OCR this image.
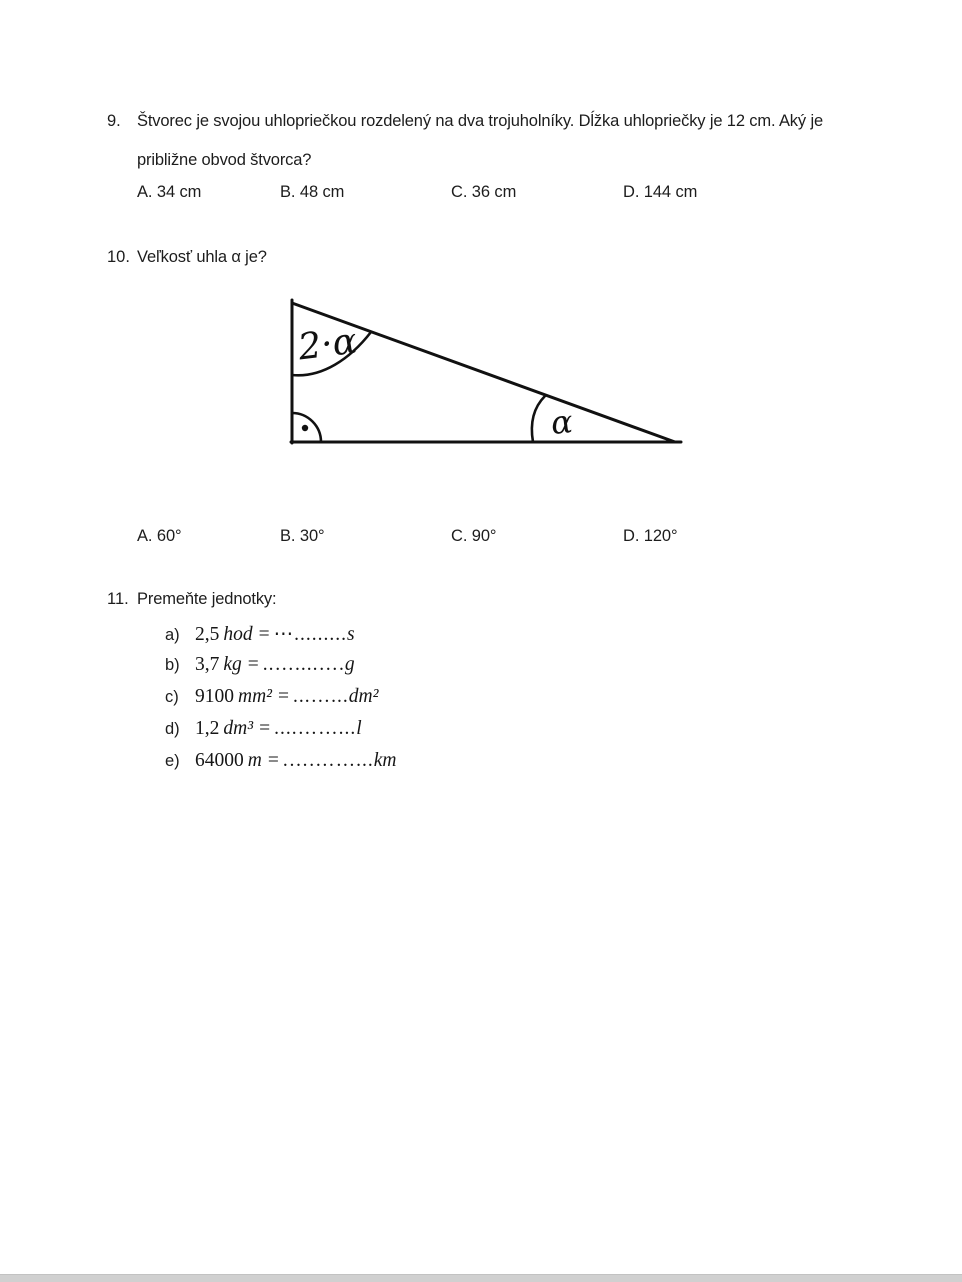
9. Štvorec je svojou uhlopriečkou rozdelený na dva trojuholníky. Dĺžka uhlopriečky je 12 cm. Aký je
približne obvod štvorca?
A. 34 cm	B. 48 cm	C. 36 cm	D. 144 cm
10. Veľkosť uhla α je?
2·α
α
A. 60°	B. 30°	C. 90°	D. 120°
11. Premeňte jednotky:
a) 2,5 hod = ⋯.........s
b) 3,7 kg = ..…....….g
c) 9100 mm² = ...…...dm²
d) 1,2 dm³ = ....……...l
e) 64000 m = .….……...km
